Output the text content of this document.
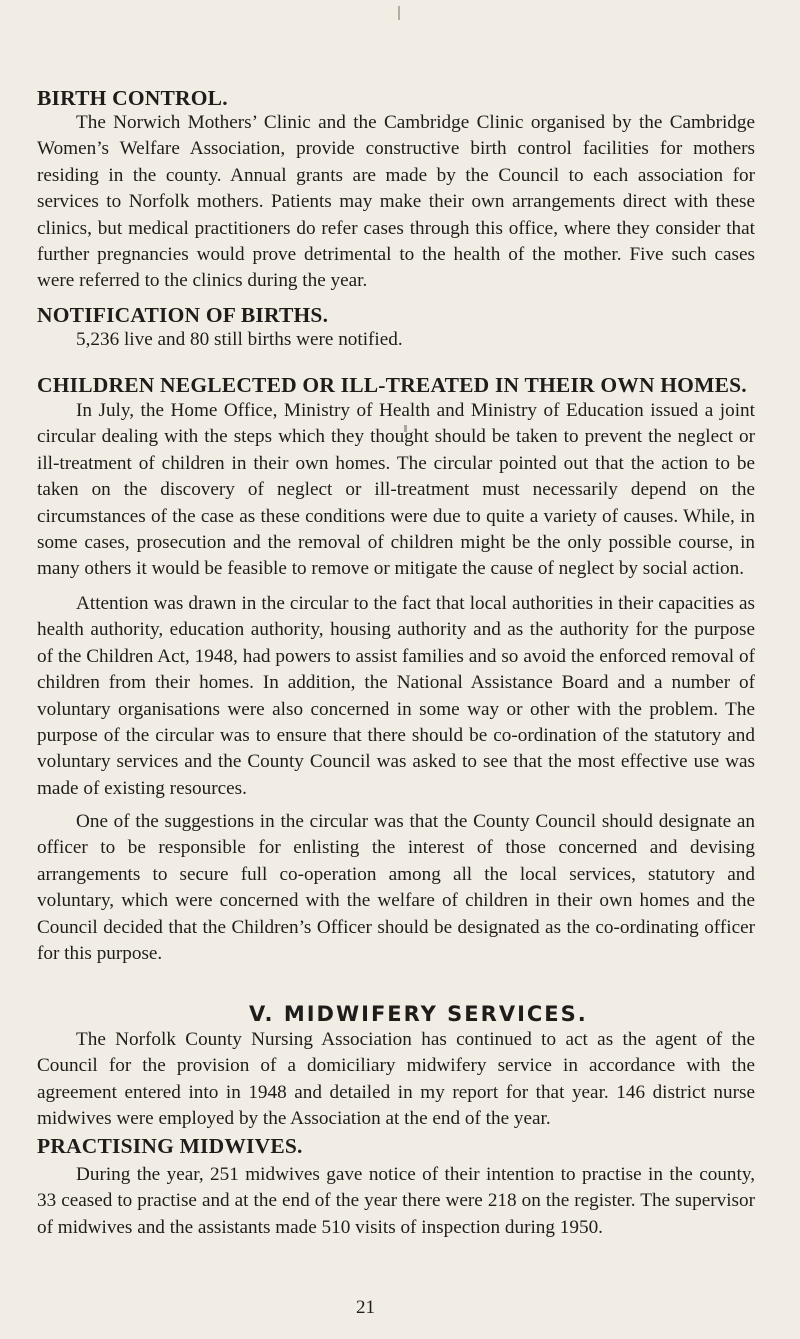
BIRTH CONTROL.

The Norwich Mothers’ Clinic and the Cambridge Clinic organised by the Cambridge Women’s Welfare Association, provide constructive birth control facilities for mothers residing in the county. Annual grants are made by the Council to each association for services to Norfolk mothers. Patients may make their own arrangements direct with these clinics, but medical practitioners do refer cases through this office, where they consider that further pregnancies would prove detrimental to the health of the mother. Five such cases were referred to the clinics during the year.

NOTIFICATION OF BIRTHS.

5,236 live and 80 still births were notified.

CHILDREN NEGLECTED OR ILL-TREATED IN THEIR OWN HOMES.

In July, the Home Office, Ministry of Health and Ministry of Education issued a joint circular dealing with the steps which they thought should be taken to prevent the neglect or ill-treatment of children in their own homes. The circular pointed out that the action to be taken on the discovery of neglect or ill-treatment must necessarily depend on the circumstances of the case as these conditions were due to quite a variety of causes. While, in some cases, prosecution and the removal of children might be the only possible course, in many others it would be feasible to remove or mitigate the cause of neglect by social action.

Attention was drawn in the circular to the fact that local authorities in their capacities as health authority, education authority, housing authority and as the authority for the purpose of the Children Act, 1948, had powers to assist families and so avoid the enforced removal of children from their homes. In addition, the National Assistance Board and a number of voluntary organisations were also concerned in some way or other with the problem. The purpose of the circular was to ensure that there should be co-ordination of the statutory and voluntary services and the County Council was asked to see that the most effective use was made of existing resources.

One of the suggestions in the circular was that the County Council should designate an officer to be responsible for enlisting the interest of those concerned and devising arrangements to secure full co-operation among all the local services, statutory and voluntary, which were concerned with the welfare of children in their own homes and the Council decided that the Children’s Officer should be designated as the co-ordinating officer for this purpose.

V. MIDWIFERY SERVICES.

The Norfolk County Nursing Association has continued to act as the agent of the Council for the provision of a domiciliary midwifery service in accordance with the agreement entered into in 1948 and detailed in my report for that year. 146 district nurse midwives were employed by the Association at the end of the year.

PRACTISING MIDWIVES.

During the year, 251 midwives gave notice of their intention to practise in the county, 33 ceased to practise and at the end of the year there were 218 on the register. The supervisor of midwives and the assistants made 510 visits of inspection during 1950.

21
